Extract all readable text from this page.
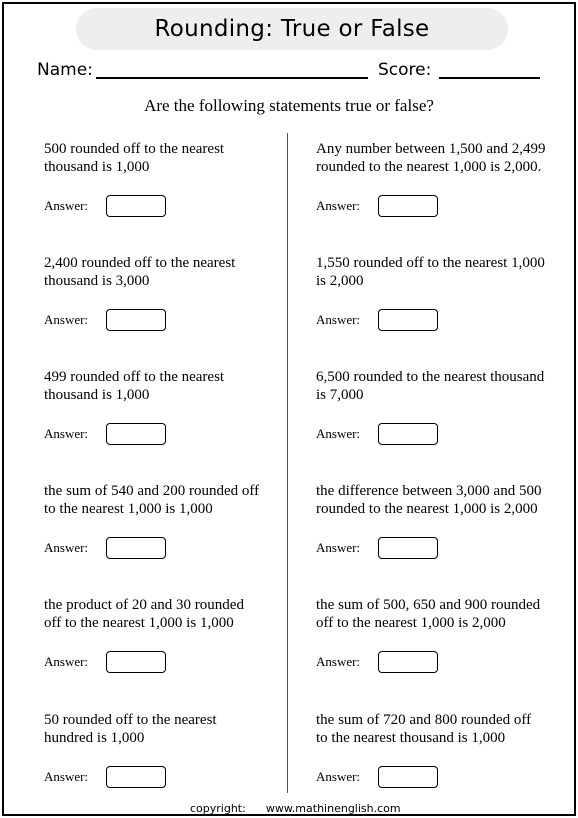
Rounding: True or False
Name:	Score:
Are the following statements true or false?
500 rounded off to the nearest
thousand is 1,000
Answer:
2,400 rounded off to the nearest
thousand is 3,000
Answer:
499 rounded off to the nearest
thousand is 1,000
Answer:
the sum of 540 and 200 rounded off
to the nearest 1,000 is 1,000
Answer:
the product of 20 and 30 rounded
off to the nearest 1,000 is 1,000
Answer:
50 rounded off to the nearest
hundred is 1,000
Answer:
Any number between 1,500 and 2,499
rounded to the nearest 1,000 is 2,000.
Answer:
1,550 rounded off to the nearest 1,000
is 2,000
Answer:
6,500 rounded to the nearest thousand
is 7,000
Answer:
the difference between 3,000 and 500
rounded to the nearest 1,000 is 2,000
Answer:
the sum of 500, 650 and 900 rounded
off to the nearest 1,000 is 2,000
Answer:
the sum of 720 and 800 rounded off
to the nearest thousand is 1,000
Answer:
copyright: www.mathinenglish.com
